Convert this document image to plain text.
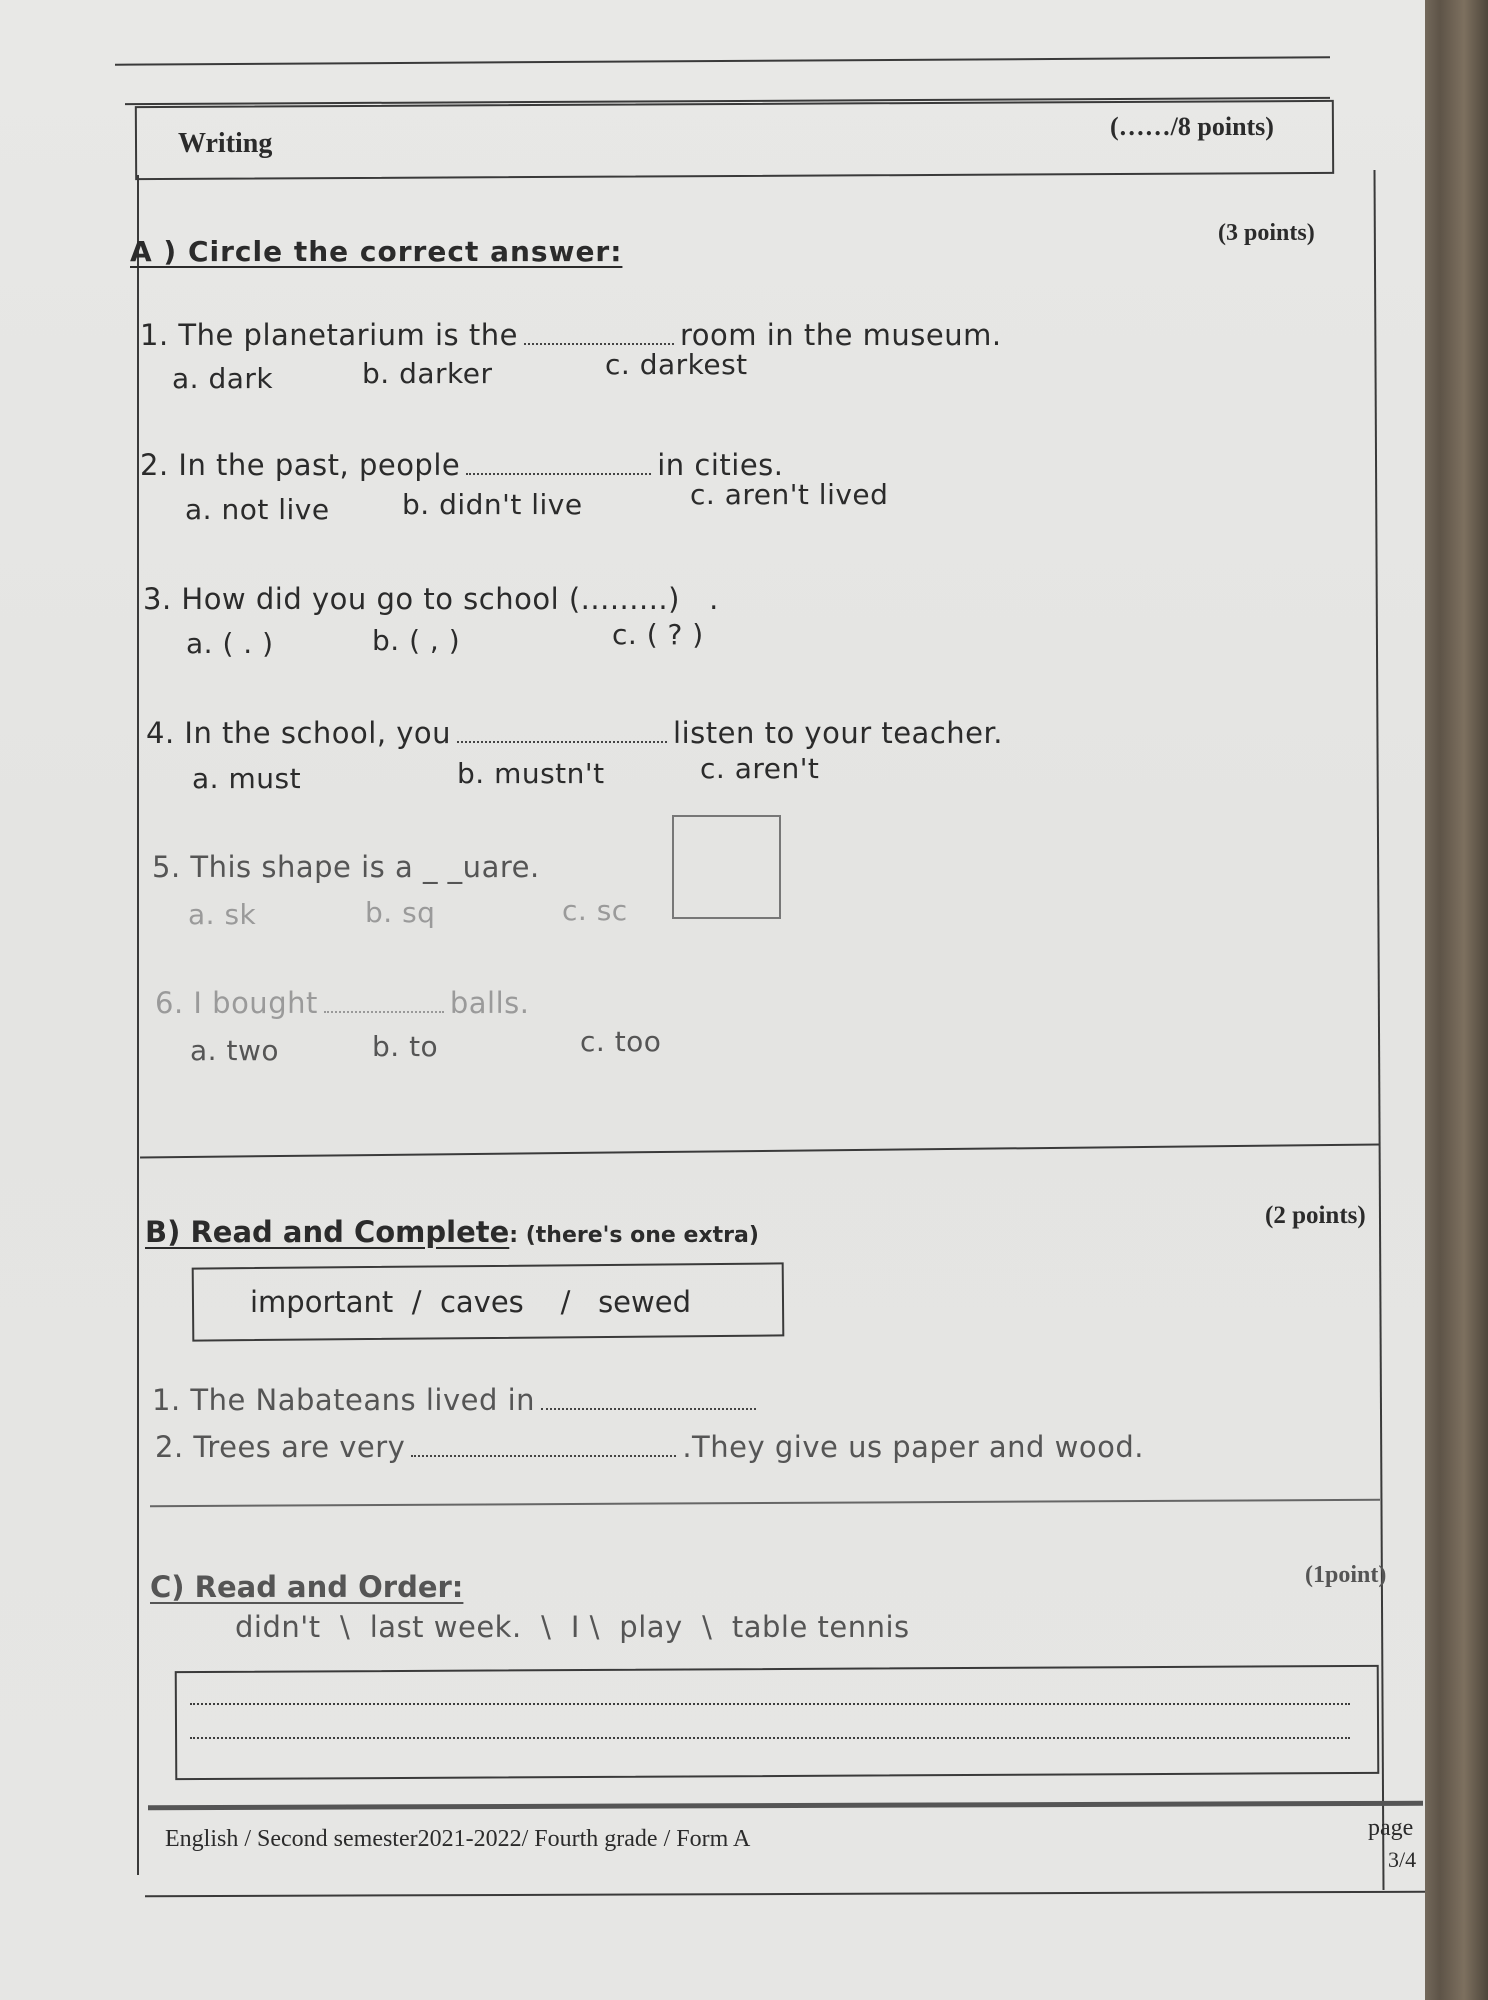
Writing
(……/8 points)
A ) Circle the correct answer:
(3 points)
1. The planetarium is the	room in the museum.
a. dark	b. darker	c. darkest
2. In the past, people	in cities.
a. not live	b. didn't live	c. aren't lived
3. How did you go to school (.........) .
a. ( . )	b. ( , )	c. ( ? )
4. In the school, you	listen to your teacher.
a. must	b. mustn't	c. aren't
5. This shape is a _ _uare.
a. sk	b. sq	c. sc
6. I bought	balls.
a. two	b. to	c. too
B) Read and Complete: (there's one extra)
(2 points)
important  /  caves    /   sewed
1. The Nabateans lived in
2. Trees are very	.They give us paper and wood.
C) Read and Order:	(1point)
didn't  \  last week.  \  I \  play  \  table tennis
English / Second semester2021-2022/ Fourth grade / Form A	page
3/4
